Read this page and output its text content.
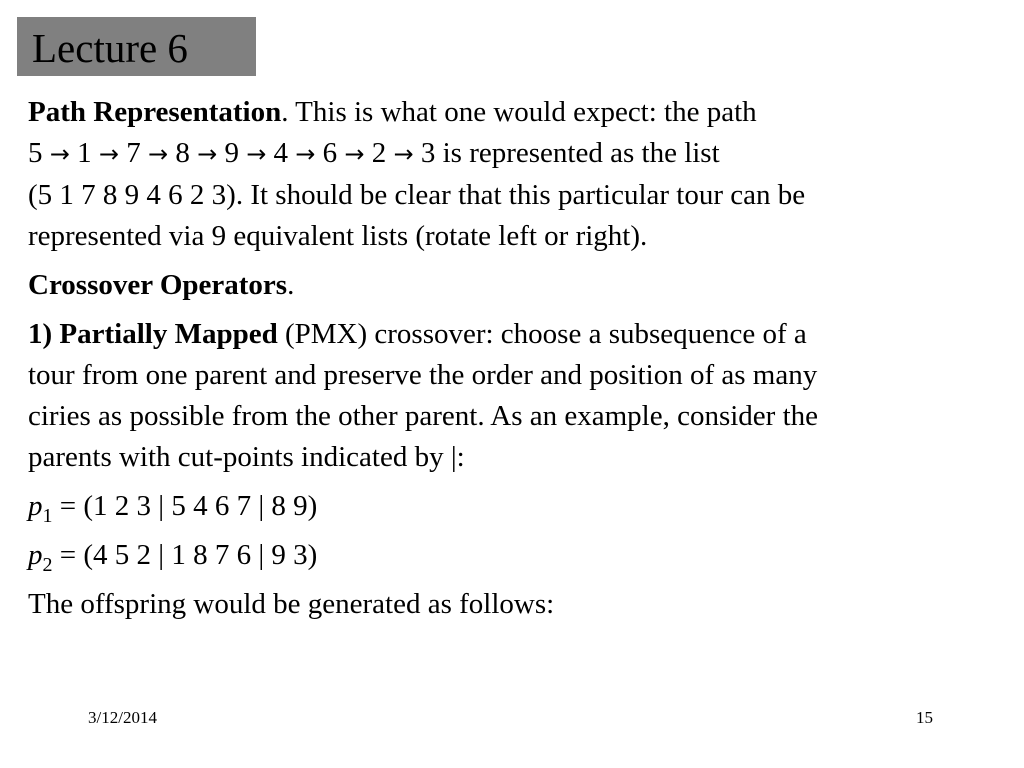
Lecture 6

Path Representation. This is what one would expect: the path
5 → 1 → 7 → 8 → 9 → 4 → 6 → 2 → 3 is represented as the list
(5 1 7 8 9 4 6 2 3). It should be clear that this particular tour can be
represented via 9 equivalent lists (rotate left or right).

Crossover Operators.

1) Partially Mapped (PMX) crossover: choose a subsequence of a
tour from one parent and preserve the order and position of as many
ciries as possible from the other parent. As an example, consider the
parents with cut-points indicated by |:

$p_1 = (1$ 2 3 | 5 4 6 7 | 8 9)

$p_2 = (4$ 5 2 | 1 8 7 6 | 9 3)

The offspring would be generated as follows:

3/12/2014	15
